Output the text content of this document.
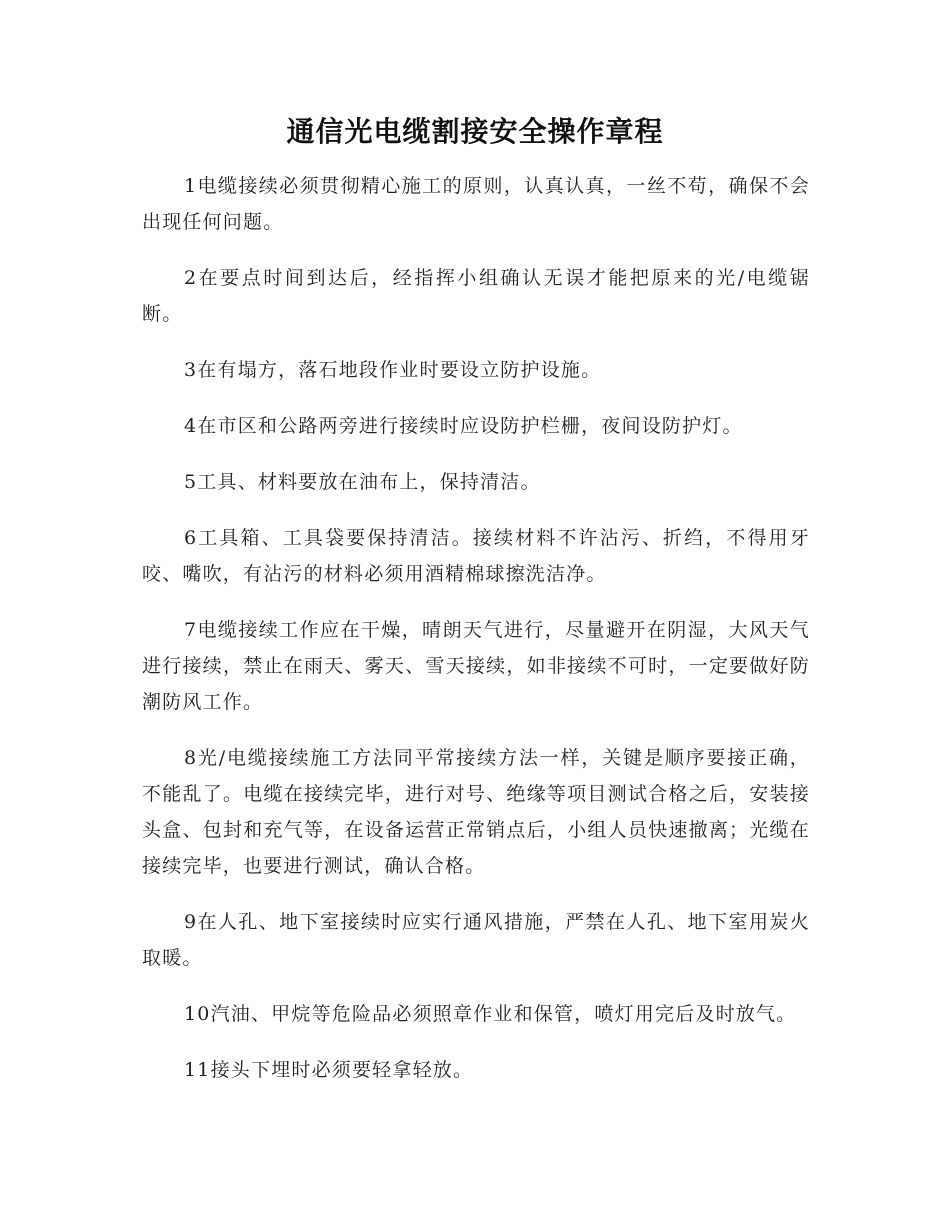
通信光电缆割接安全操作章程

1电缆接续必须贯彻精心施工的原则，认真认真，一丝不苟，确保不会出现任何问题。

2在要点时间到达后，经指挥小组确认无误才能把原来的光/电缆锯断。

3在有塌方，落石地段作业时要设立防护设施。

4在市区和公路两旁进行接续时应设防护栏栅，夜间设防护灯。

5工具、材料要放在油布上，保持清洁。

6工具箱、工具袋要保持清洁。接续材料不许沾污、折绉，不得用牙咬、嘴吹，有沾污的材料必须用酒精棉球擦洗洁净。

7电缆接续工作应在干燥，晴朗天气进行，尽量避开在阴湿，大风天气进行接续，禁止在雨天、雾天、雪天接续，如非接续不可时，一定要做好防潮防风工作。

8光/电缆接续施工方法同平常接续方法一样，关键是顺序要接正确，不能乱了。电缆在接续完毕，进行对号、绝缘等项目测试合格之后，安装接头盒、包封和充气等，在设备运营正常销点后，小组人员快速撤离；光缆在接续完毕，也要进行测试，确认合格。

9在人孔、地下室接续时应实行通风措施，严禁在人孔、地下室用炭火取暖。

10汽油、甲烷等危险品必须照章作业和保管，喷灯用完后及时放气。

11接头下埋时必须要轻拿轻放。
